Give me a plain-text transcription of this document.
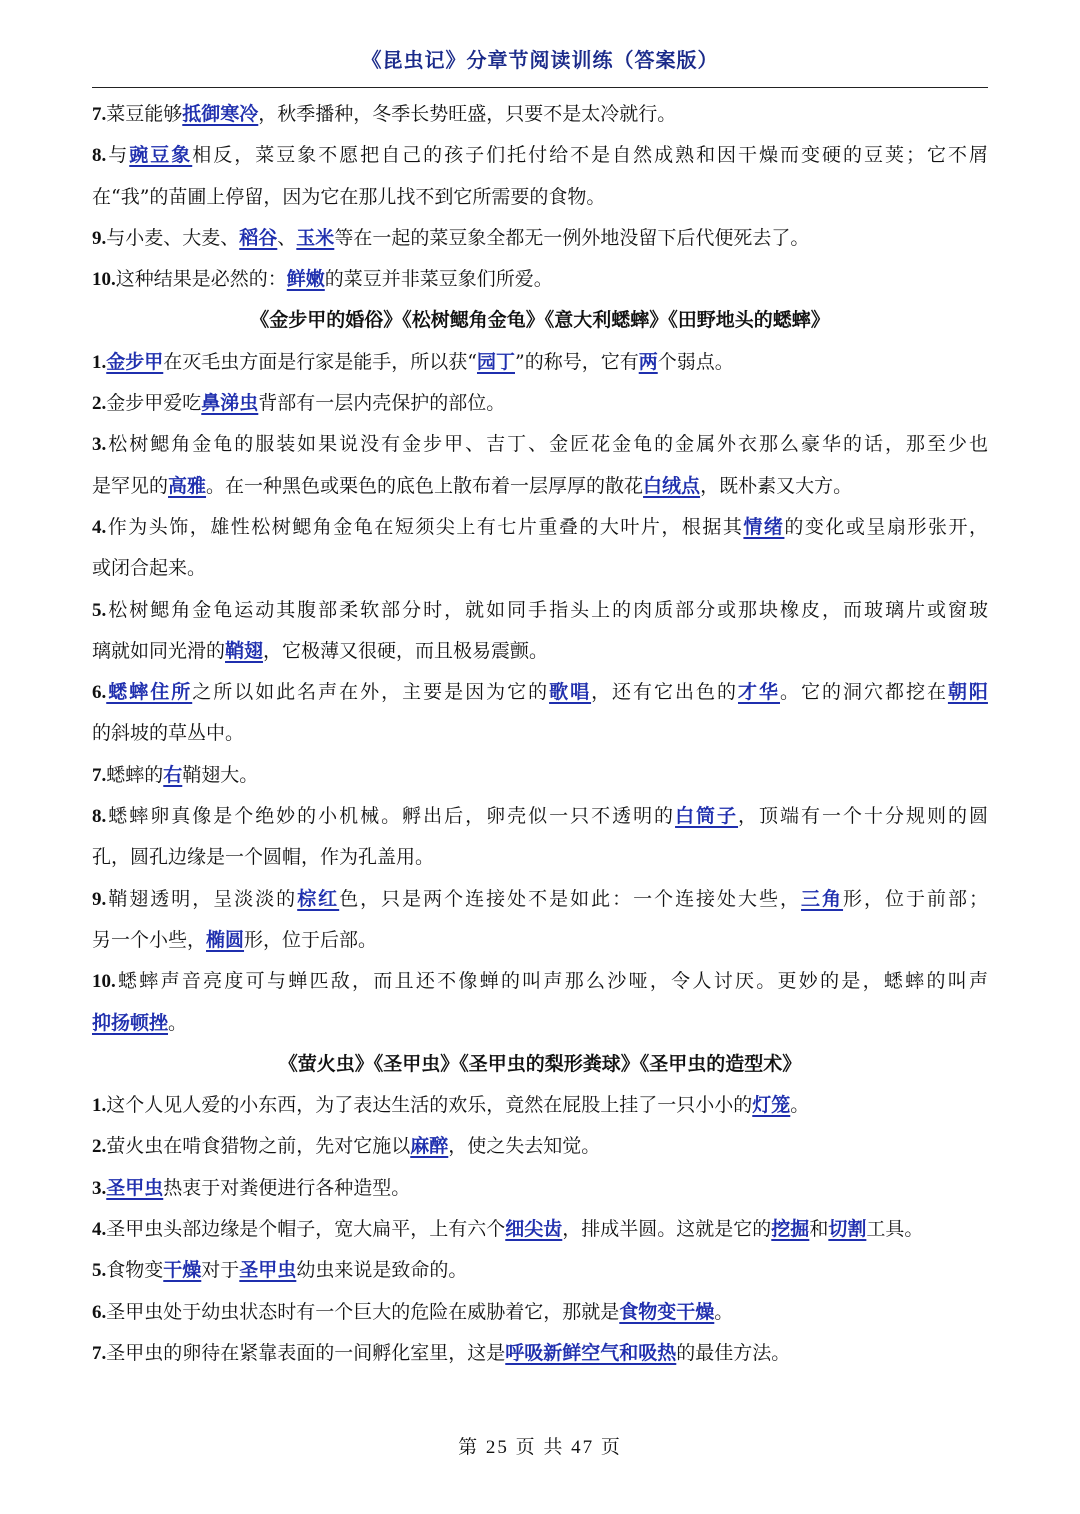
《昆虫记》分章节阅读训练（答案版）
7.菜豆能够抵御寒冷，秋季播种，冬季长势旺盛，只要不是太冷就行。
8.与豌豆象相反，菜豆象不愿把自己的孩子们托付给不是自然成熟和因干燥而变硬的豆荚；它不屑
在“我”的苗圃上停留，因为它在那儿找不到它所需要的食物。
9.与小麦、大麦、稻谷、玉米等在一起的菜豆象全都无一例外地没留下后代便死去了。
10.这种结果是必然的：鲜嫩的菜豆并非菜豆象们所爱。
《金步甲的婚俗》《松树鳃角金龟》《意大利蟋蟀》《田野地头的蟋蟀》
1.金步甲在灭毛虫方面是行家是能手，所以获“园丁”的称号，它有两个弱点。
2.金步甲爱吃鼻涕虫背部有一层内壳保护的部位。
3.松树鳃角金龟的服装如果说没有金步甲、吉丁、金匠花金龟的金属外衣那么豪华的话，那至少也
是罕见的高雅。在一种黑色或栗色的底色上散布着一层厚厚的散花白绒点，既朴素又大方。
4.作为头饰，雄性松树鳃角金龟在短须尖上有七片重叠的大叶片，根据其情绪的变化或呈扇形张开，
或闭合起来。
5.松树鳃角金龟运动其腹部柔软部分时，就如同手指头上的肉质部分或那块橡皮，而玻璃片或窗玻
璃就如同光滑的鞘翅，它极薄又很硬，而且极易震颤。
6.蟋蟀住所之所以如此名声在外，主要是因为它的歌唱，还有它出色的才华。它的洞穴都挖在朝阳
的斜坡的草丛中。
7.蟋蟀的右鞘翅大。
8.蟋蟀卵真像是个绝妙的小机械。孵出后，卵壳似一只不透明的白筒子，顶端有一个十分规则的圆
孔，圆孔边缘是一个圆帽，作为孔盖用。
9.鞘翅透明，呈淡淡的棕红色，只是两个连接处不是如此：一个连接处大些，三角形，位于前部；
另一个小些，椭圆形，位于后部。
10.蟋蟀声音亮度可与蝉匹敌，而且还不像蝉的叫声那么沙哑，令人讨厌。更妙的是，蟋蟀的叫声
抑扬顿挫。
《萤火虫》《圣甲虫》《圣甲虫的梨形粪球》《圣甲虫的造型术》
1.这个人见人爱的小东西，为了表达生活的欢乐，竟然在屁股上挂了一只小小的灯笼。
2.萤火虫在啃食猎物之前，先对它施以麻醉，使之失去知觉。
3.圣甲虫热衷于对粪便进行各种造型。
4.圣甲虫头部边缘是个帽子，宽大扁平，上有六个细尖齿，排成半圆。这就是它的挖掘和切割工具。
5.食物变干燥对于圣甲虫幼虫来说是致命的。
6.圣甲虫处于幼虫状态时有一个巨大的危险在威胁着它，那就是食物变干燥。
7.圣甲虫的卵待在紧靠表面的一间孵化室里，这是呼吸新鲜空气和吸热的最佳方法。
第 25 页 共 47 页
